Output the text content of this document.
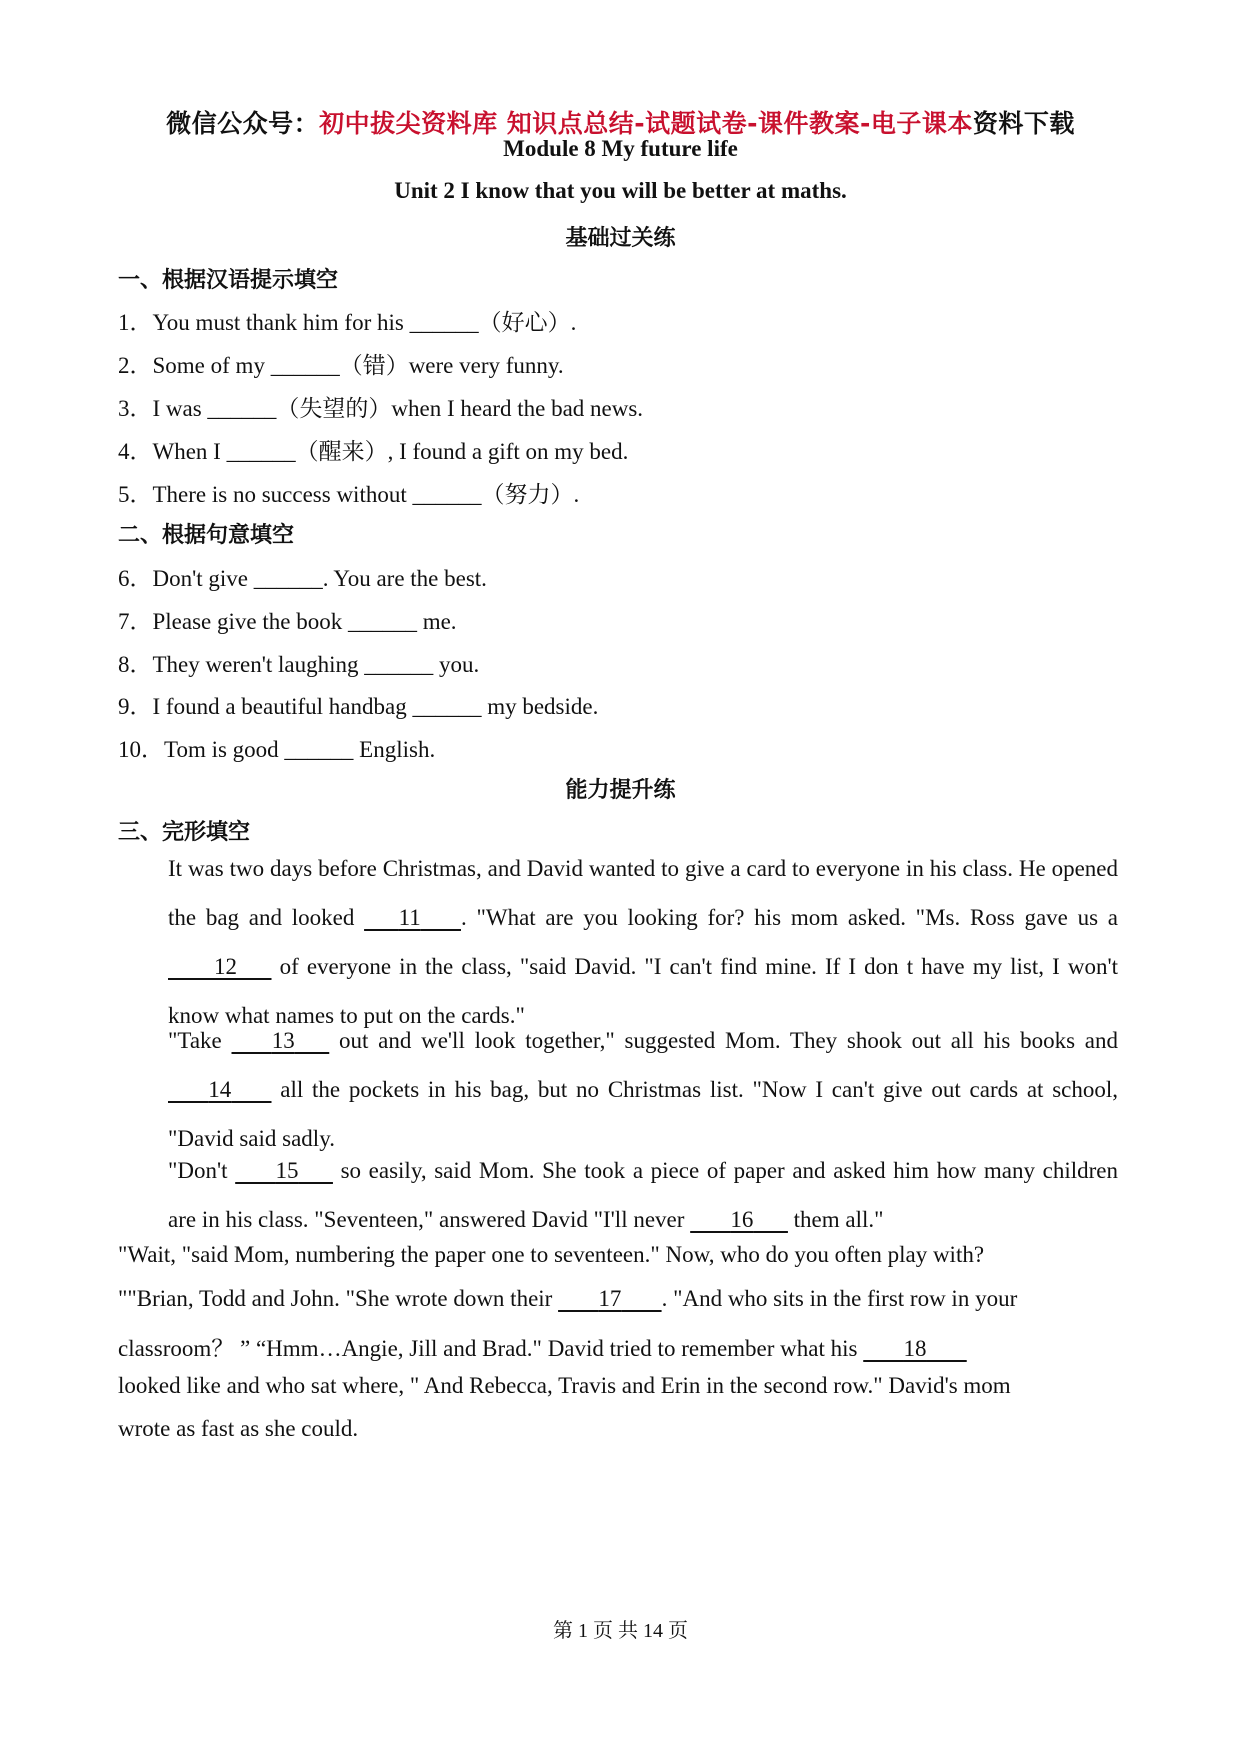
微信公众号：初中拔尖资料库 知识点总结-试题试卷-课件教案-电子课本资料下载
Module 8 My future life
Unit 2 I know that you will be better at maths.
基础过关练
一、根据汉语提示填空
1．You must thank him for his ______（好心）.
2．Some of my ______（错）were very funny.
3．I was ______（失望的）when I heard the bad news.
4．When I ______（醒来）, I found a gift on my bed.
5．There is no success without ______（努力）.
二、根据句意填空
6．Don't give ______. You are the best.
7．Please give the book ______ me.
8．They weren't laughing ______ you.
9．I found a beautiful handbag ______ my bedside.
10．Tom is good ______ English.
能力提升练
三、完形填空
It was two days before Christmas, and David wanted to give a card to everyone in his class. He opened the bag and looked       11 . "What are you looking for? his mom asked. "Ms. Ross gave us a         12       of everyone in the class, "said David. "I can't find mine. If I don t have my list, I won't know what names to put on the cards."
"Take        13       out and we'll look together," suggested Mom. They shook out all his books and        14        all the pockets in his bag, but no Christmas list. "Now I can't give out cards at school, "David said sadly.
"Don't        15       so easily, said Mom. She took a piece of paper and asked him how many children are in his class. "Seventeen," answered David "I'll never        16       them all."
"Wait, "said Mom, numbering the paper one to seventeen." Now, who do you often play with?
""Brian, Todd and John. "She wrote down their        17 . "And who sits in the first row in your
classroom？ ” “Hmm…Angie, Jill and Brad." David tried to remember what his        18
looked like and who sat where, " And Rebecca, Travis and Erin in the second row." David's mom
wrote as fast as she could.
第 1 页 共 14 页
